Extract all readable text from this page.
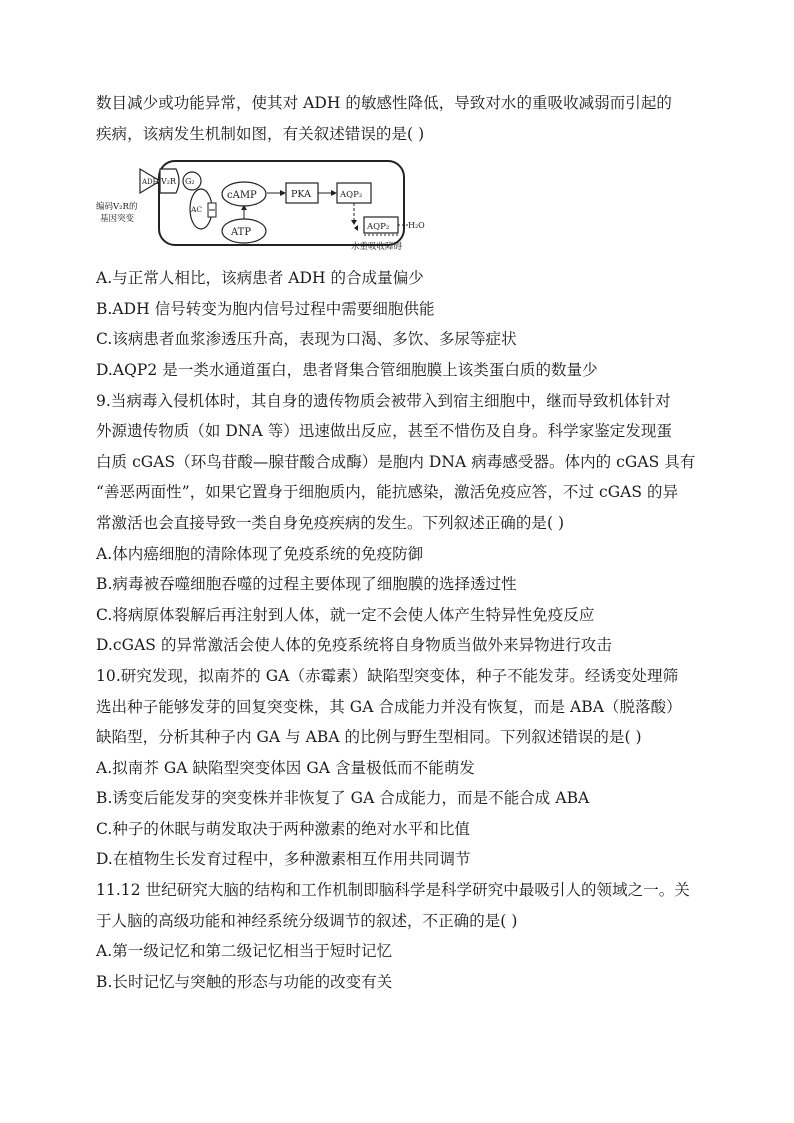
数目减少或功能异常，使其对 ADH 的敏感性降低，导致对水的重吸收减弱而引起的
疾病，该病发生机制如图，有关叙述错误的是( )
ADH V₂R G₂
AC
cAMP
ATP
PKA	AQP₂
AQP₂ H₂O
编码V₂R的
基因突变
水重吸收障碍
A.与正常人相比，该病患者 ADH 的合成量偏少
B.ADH 信号转变为胞内信号过程中需要细胞供能
C.该病患者血浆渗透压升高，表现为口渴、多饮、多尿等症状
D.AQP2 是一类水通道蛋白，患者肾集合管细胞膜上该类蛋白质的数量少
9.当病毒入侵机体时，其自身的遗传物质会被带入到宿主细胞中，继而导致机体针对
外源遗传物质（如 DNA 等）迅速做出反应，甚至不惜伤及自身。科学家鉴定发现蛋
白质 cGAS（环鸟苷酸—腺苷酸合成酶）是胞内 DNA 病毒感受器。体内的 cGAS 具有
“善恶两面性”，如果它置身于细胞质内，能抗感染，激活免疫应答，不过 cGAS 的异
常激活也会直接导致一类自身免疫疾病的发生。下列叙述正确的是( )
A.体内癌细胞的清除体现了免疫系统的免疫防御
B.病毒被吞噬细胞吞噬的过程主要体现了细胞膜的选择透过性
C.将病原体裂解后再注射到人体，就一定不会使人体产生特异性免疫反应
D.cGAS 的异常激活会使人体的免疫系统将自身物质当做外来异物进行攻击
10.研究发现，拟南芥的 GA（赤霉素）缺陷型突变体，种子不能发芽。经诱变处理筛
选出种子能够发芽的回复突变株，其 GA 合成能力并没有恢复，而是 ABA（脱落酸）
缺陷型，分析其种子内 GA 与 ABA 的比例与野生型相同。下列叙述错误的是( )
A.拟南芥 GA 缺陷型突变体因 GA 含量极低而不能萌发
B.诱变后能发芽的突变株并非恢复了 GA 合成能力，而是不能合成 ABA
C.种子的休眠与萌发取决于两种激素的绝对水平和比值
D.在植物生长发育过程中，多种激素相互作用共同调节
11.12 世纪研究大脑的结构和工作机制即脑科学是科学研究中最吸引人的领域之一。关
于人脑的高级功能和神经系统分级调节的叙述，不正确的是( )
A.第一级记忆和第二级记忆相当于短时记忆
B.长时记忆与突触的形态与功能的改变有关
